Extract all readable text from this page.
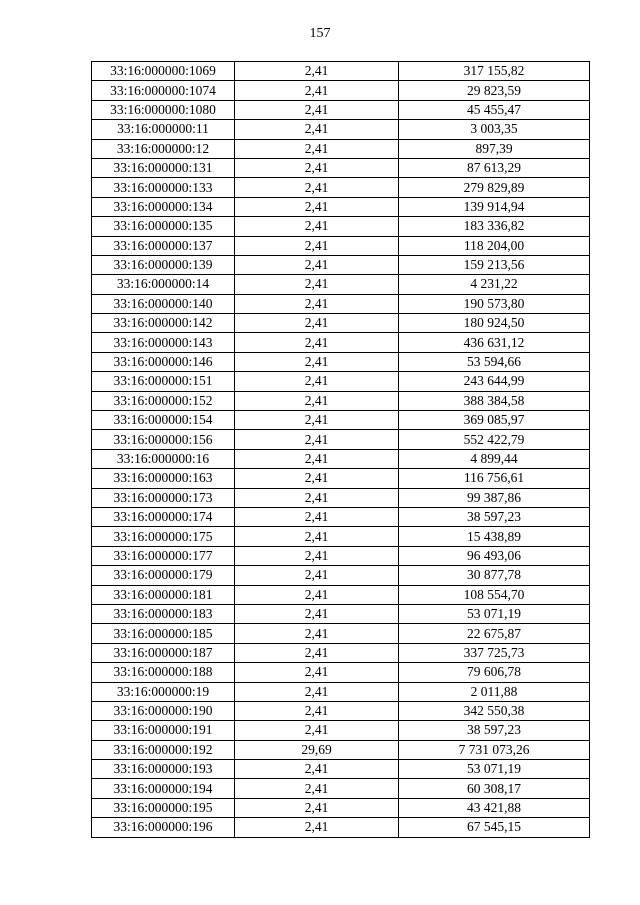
157
33:16:000000:1069	2,41	317 155,82
33:16:000000:1074	2,41	29 823,59
33:16:000000:1080	2,41	45 455,47
33:16:000000:11	2,41	3 003,35
33:16:000000:12	2,41	897,39
33:16:000000:131	2,41	87 613,29
33:16:000000:133	2,41	279 829,89
33:16:000000:134	2,41	139 914,94
33:16:000000:135	2,41	183 336,82
33:16:000000:137	2,41	118 204,00
33:16:000000:139	2,41	159 213,56
33:16:000000:14	2,41	4 231,22
33:16:000000:140	2,41	190 573,80
33:16:000000:142	2,41	180 924,50
33:16:000000:143	2,41	436 631,12
33:16:000000:146	2,41	53 594,66
33:16:000000:151	2,41	243 644,99
33:16:000000:152	2,41	388 384,58
33:16:000000:154	2,41	369 085,97
33:16:000000:156	2,41	552 422,79
33:16:000000:16	2,41	4 899,44
33:16:000000:163	2,41	116 756,61
33:16:000000:173	2,41	99 387,86
33:16:000000:174	2,41	38 597,23
33:16:000000:175	2,41	15 438,89
33:16:000000:177	2,41	96 493,06
33:16:000000:179	2,41	30 877,78
33:16:000000:181	2,41	108 554,70
33:16:000000:183	2,41	53 071,19
33:16:000000:185	2,41	22 675,87
33:16:000000:187	2,41	337 725,73
33:16:000000:188	2,41	79 606,78
33:16:000000:19	2,41	2 011,88
33:16:000000:190	2,41	342 550,38
33:16:000000:191	2,41	38 597,23
33:16:000000:192	29,69	7 731 073,26
33:16:000000:193	2,41	53 071,19
33:16:000000:194	2,41	60 308,17
33:16:000000:195	2,41	43 421,88
33:16:000000:196	2,41	67 545,15
